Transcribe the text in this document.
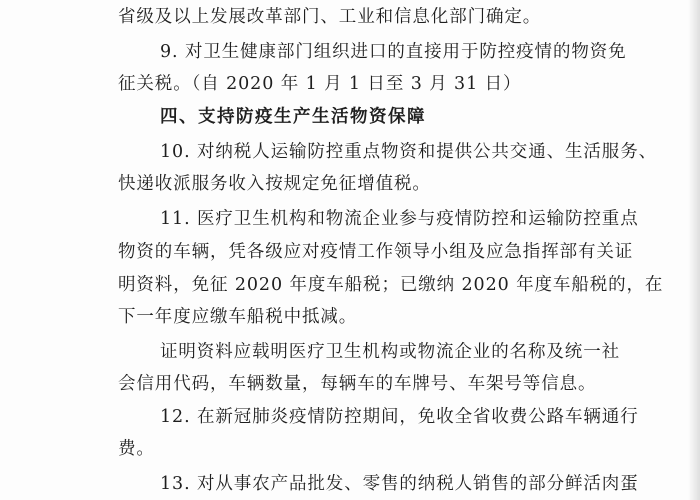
省级及以上发展改革部门、工业和信息化部门确定。
9. 对卫生健康部门组织进口的直接用于防控疫情的物资免
征关税。（自 2020 年 1 月 1 日至 3 月 31 日）
四、支持防疫生产生活物资保障
10. 对纳税人运输防控重点物资和提供公共交通、生活服务、
快递收派服务收入按规定免征增值税。
11. 医疗卫生机构和物流企业参与疫情防控和运输防控重点
物资的车辆，凭各级应对疫情工作领导小组及应急指挥部有关证
明资料，免征 2020 年度车船税；已缴纳 2020 年度车船税的，在
下一年度应缴车船税中抵减。
证明资料应载明医疗卫生机构或物流企业的名称及统一社
会信用代码，车辆数量，每辆车的车牌号、车架号等信息。
12. 在新冠肺炎疫情防控期间，免收全省收费公路车辆通行
费。
13. 对从事农产品批发、零售的纳税人销售的部分鲜活肉蛋
